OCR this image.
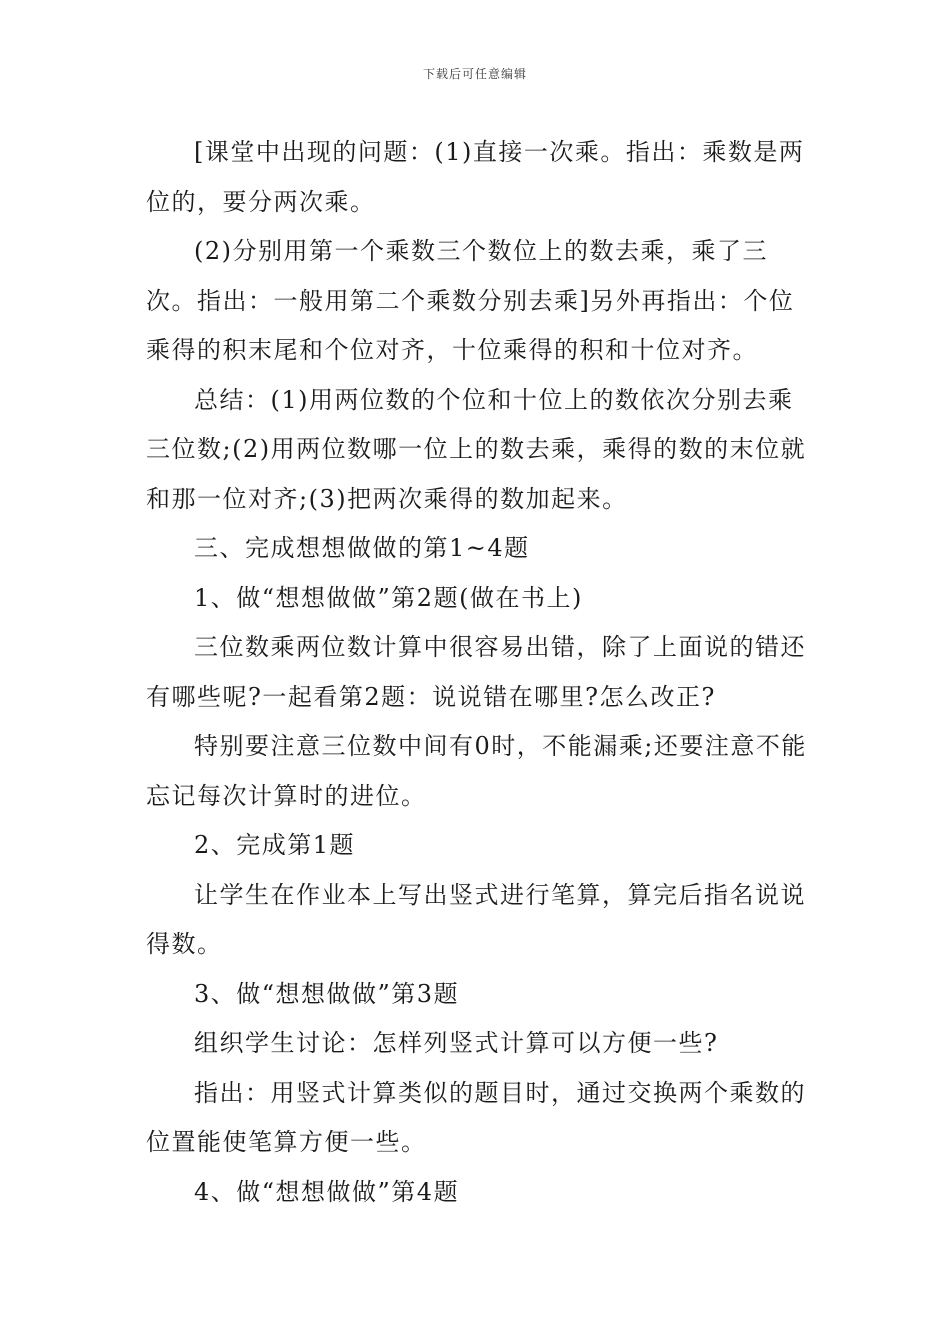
下载后可任意编辑

[课堂中出现的问题：(1)直接一次乘。指出：乘数是两位的，要分两次乘。

(2)分别用第一个乘数三个数位上的数去乘，乘了三次。指出：一般用第二个乘数分别去乘]另外再指出：个位乘得的积末尾和个位对齐，十位乘得的积和十位对齐。

总结：(1)用两位数的个位和十位上的数依次分别去乘三位数;(2)用两位数哪一位上的数去乘，乘得的数的末位就和那一位对齐;(3)把两次乘得的数加起来。

三、完成想想做做的第1~4题

1、做“想想做做”第2题(做在书上)

三位数乘两位数计算中很容易出错，除了上面说的错还有哪些呢?一起看第2题：说说错在哪里?怎么改正?

特别要注意三位数中间有0时，不能漏乘;还要注意不能忘记每次计算时的进位。

2、完成第1题

让学生在作业本上写出竖式进行笔算，算完后指名说说得数。

3、做“想想做做”第3题

组织学生讨论：怎样列竖式计算可以方便一些?

指出：用竖式计算类似的题目时，通过交换两个乘数的位置能使笔算方便一些。

4、做“想想做做”第4题
